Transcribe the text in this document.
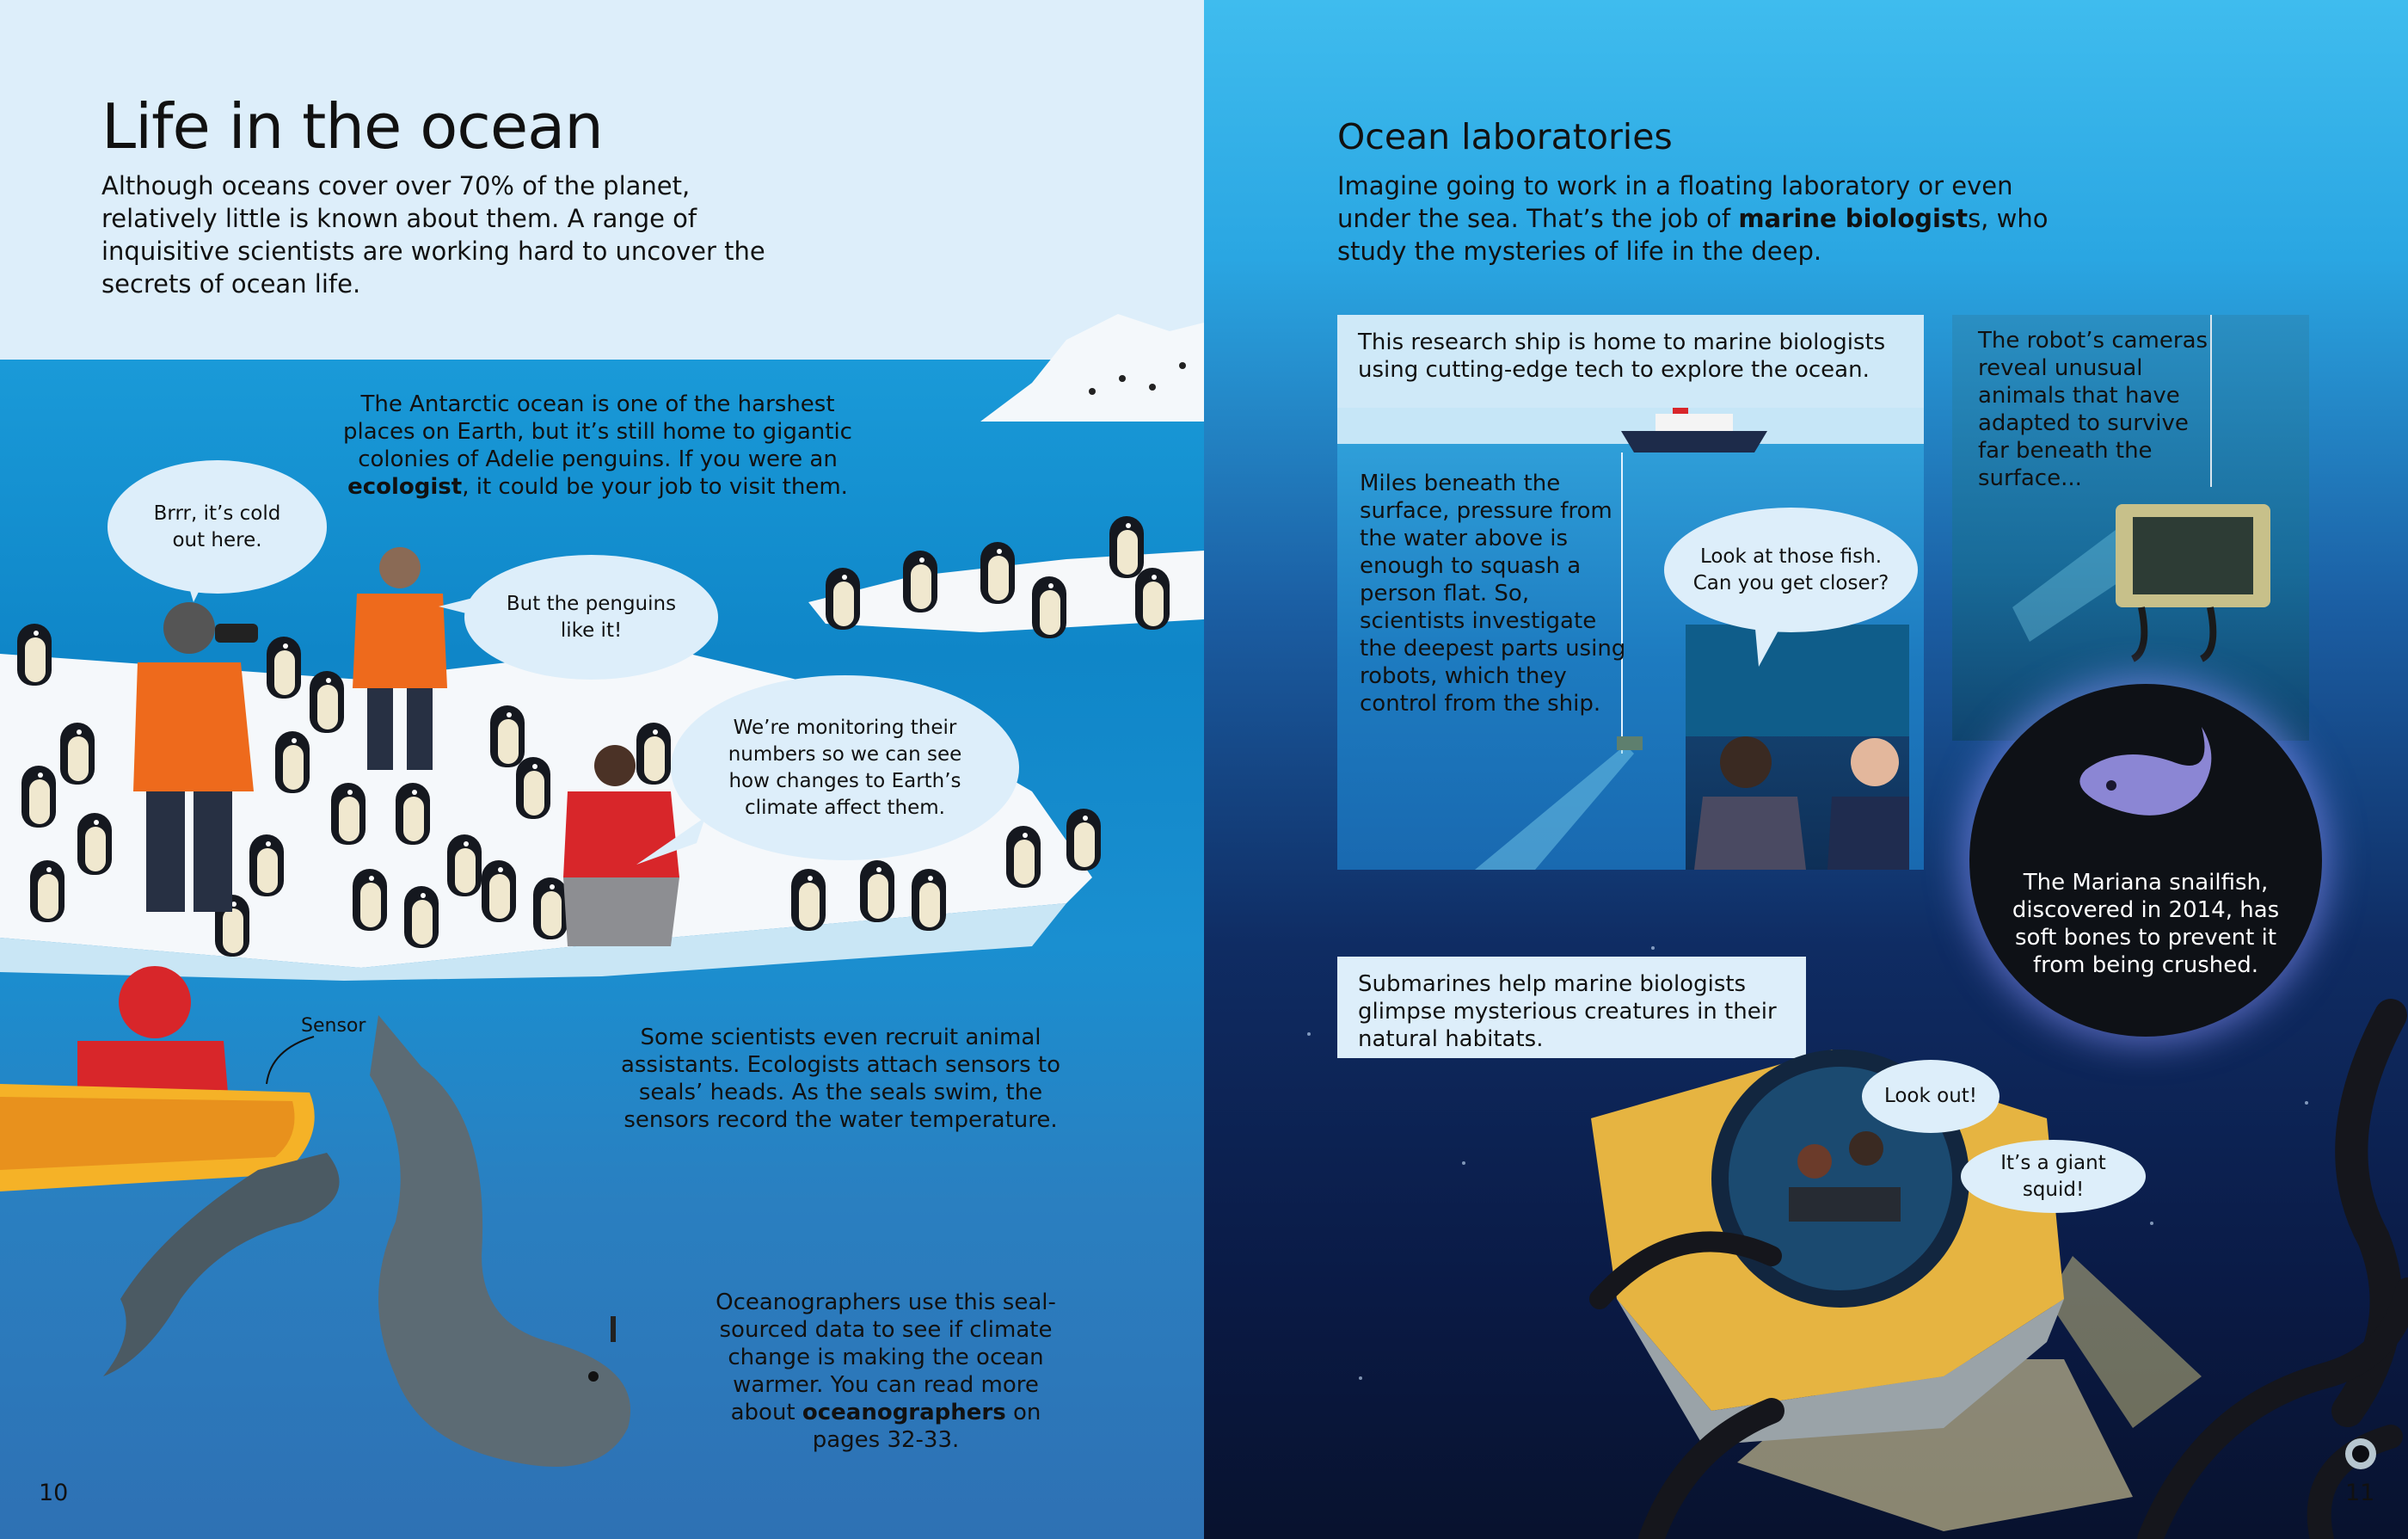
Life in the ocean
Although oceans cover over 70% of the planet, relatively little is known about them. A range of inquisitive scientists are working hard to uncover the secrets of ocean life.
The Antarctic ocean is one of the harshest places on Earth, but it’s still home to gigantic colonies of Adelie penguins. If you were an ecologist, it could be your job to visit them.
Brrr, it’s cold out here.
But the penguins like it!
We’re monitoring their numbers so we can see how changes to Earth’s climate affect them.
Sensor	Some scientists even recruit animal assistants. Ecologists attach sensors to seals’ heads. As the seals swim, the sensors record the water temperature.
Oceanographers use this seal-sourced data to see if climate change is making the ocean warmer. You can read more about oceanographers on pages 32-33.
10
Ocean laboratories
Imagine going to work in a floating laboratory or even under the sea. That’s the job of marine biologists, who study the mysteries of life in the deep.
This research ship is home to marine biologists using cutting-edge tech to explore the ocean.
Miles beneath the surface, pressure from the water above is enough to squash a person flat. So, scientists investigate the deepest parts using robots, which they control from the ship.
Look at those fish. Can you get closer?
The robot’s cameras reveal unusual animals that have adapted to survive far beneath the surface...
The Mariana snailfish, discovered in 2014, has soft bones to prevent it from being crushed.
Submarines help marine biologists glimpse mysterious creatures in their natural habitats.
Look out!
It’s a giant squid!
11
